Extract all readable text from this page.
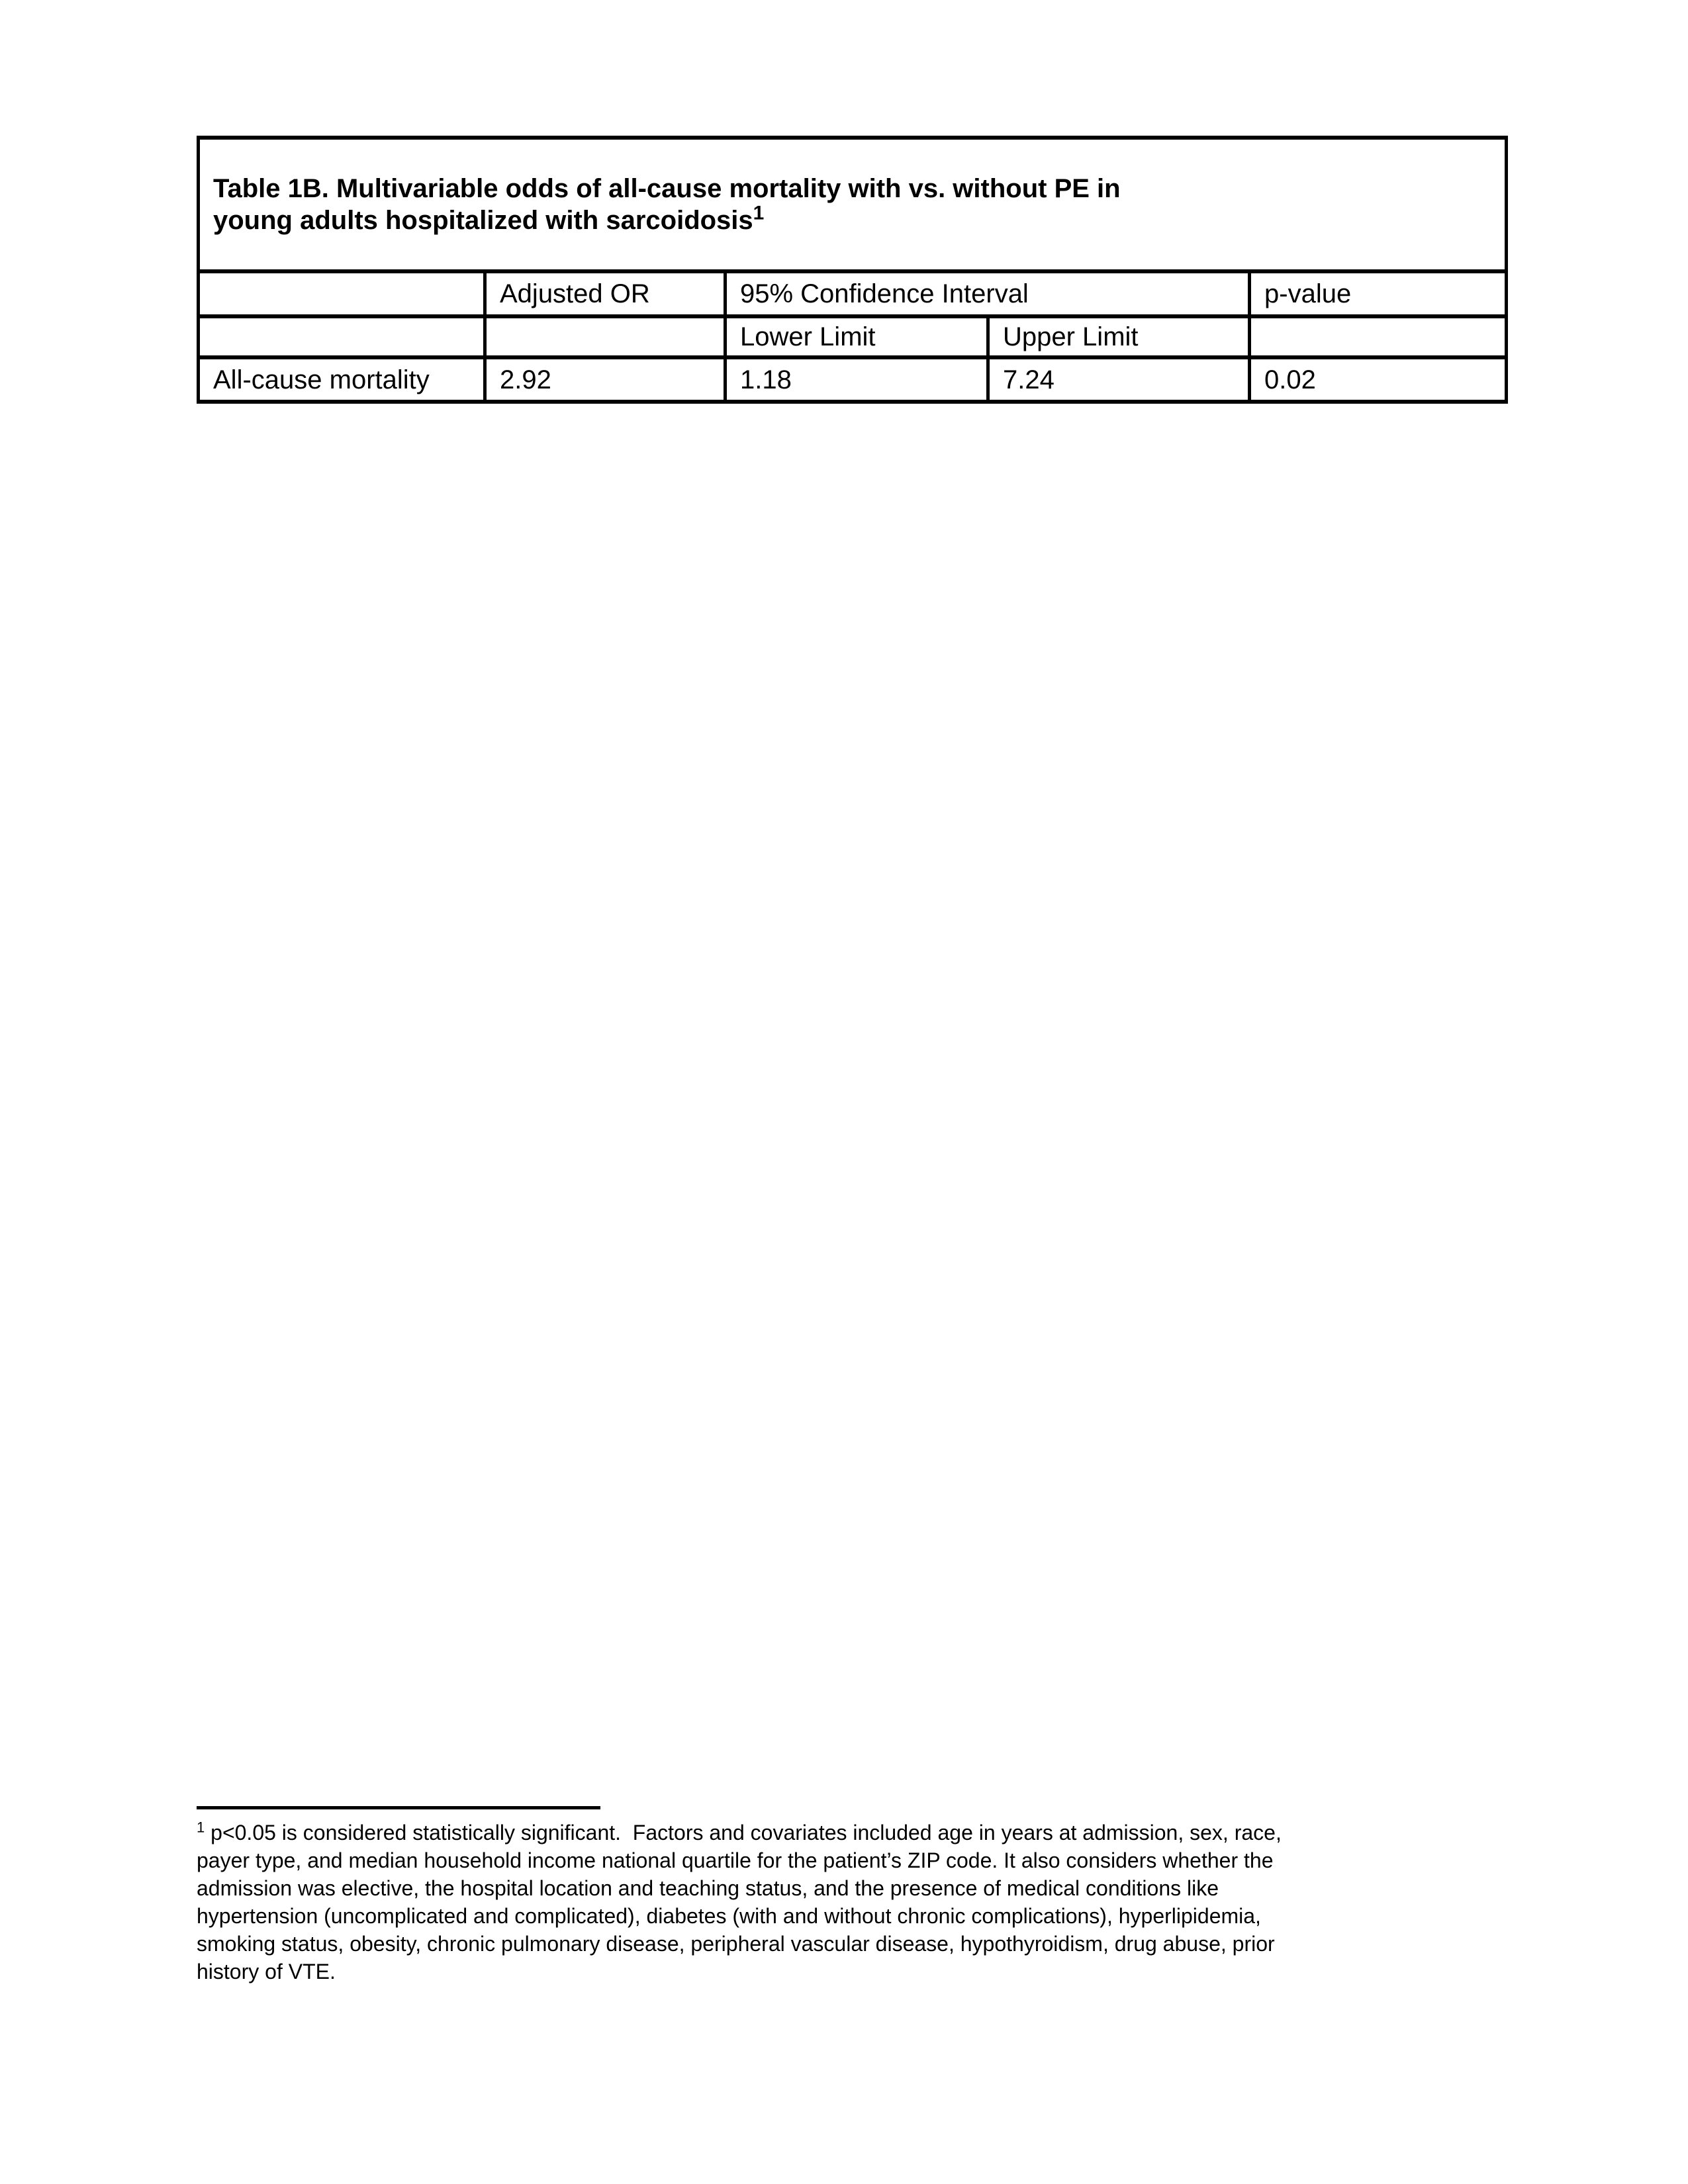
Table 1B. Multivariable odds of all-cause mortality with vs. without PE in
young adults hospitalized with sarcoidosis$^1$

	Adjusted OR	95% Confidence Interval		p-value
		Lower Limit	Upper Limit	
All-cause mortality	2.92	1.18	7.24	0.02
$^1$ p<0.05 is considered statistically significant.  Factors and covariates included age in years at admission, sex, race,
payer type, and median household income national quartile for the patient’s ZIP code. It also considers whether the
admission was elective, the hospital location and teaching status, and the presence of medical conditions like
hypertension (uncomplicated and complicated), diabetes (with and without chronic complications), hyperlipidemia,
smoking status, obesity, chronic pulmonary disease, peripheral vascular disease, hypothyroidism, drug abuse, prior
history of VTE.
